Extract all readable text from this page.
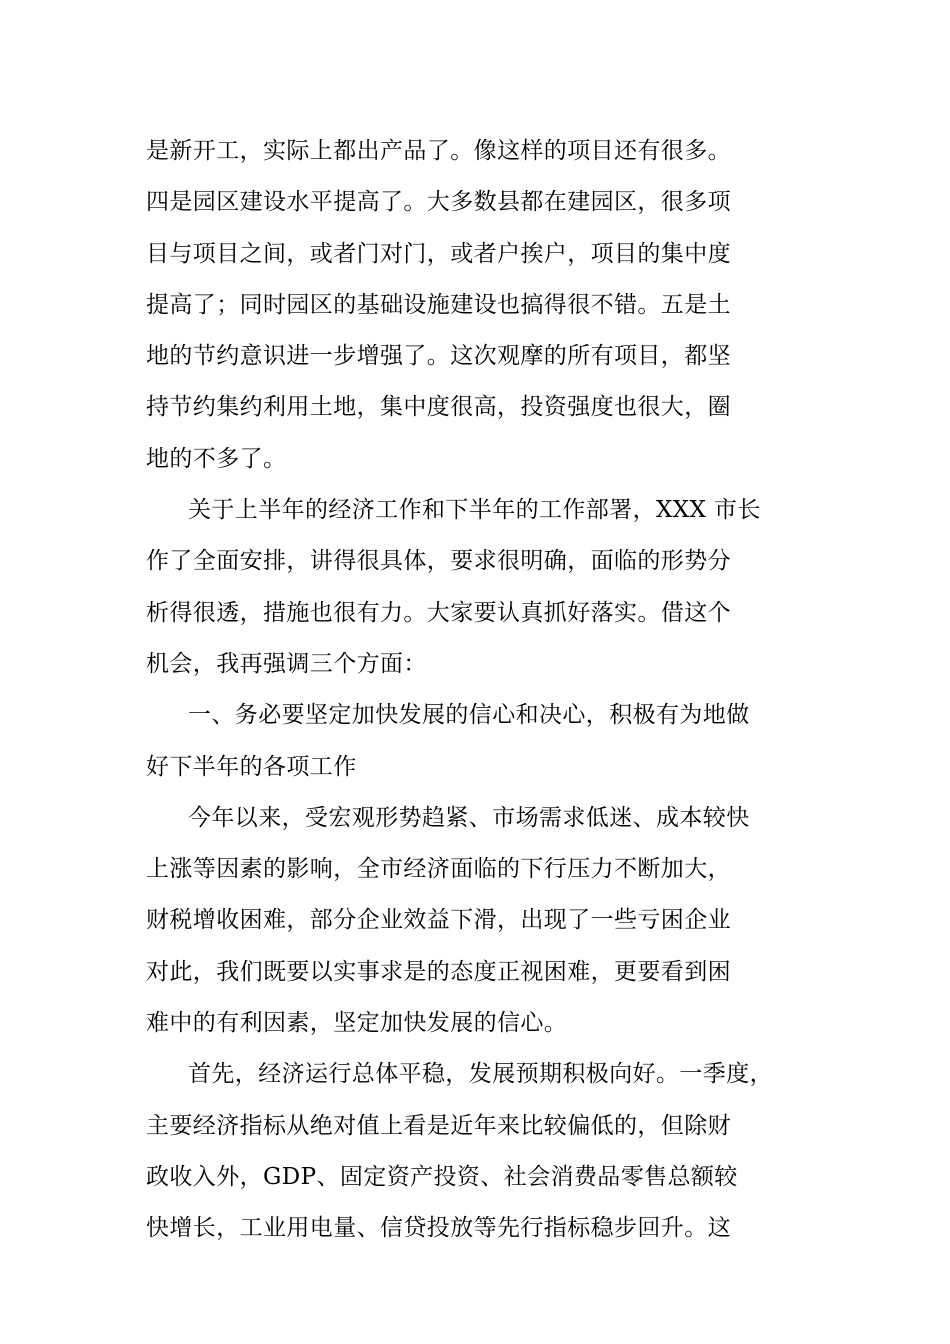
是新开工，实际上都出产品了。像这样的项目还有很多。
四是园区建设水平提高了。大多数县都在建园区，很多项
目与项目之间，或者门对门，或者户挨户，项目的集中度
提高了；同时园区的基础设施建设也搞得很不错。五是土
地的节约意识进一步增强了。这次观摩的所有项目，都坚
持节约集约利用土地，集中度很高，投资强度也很大，圈
地的不多了。
关于上半年的经济工作和下半年的工作部署，XXX 市长
作了全面安排，讲得很具体，要求很明确，面临的形势分
析得很透，措施也很有力。大家要认真抓好落实。借这个
机会，我再强调三个方面：
一、务必要坚定加快发展的信心和决心，积极有为地做
好下半年的各项工作
今年以来，受宏观形势趋紧、市场需求低迷、成本较快
上涨等因素的影响，全市经济面临的下行压力不断加大，
财税增收困难，部分企业效益下滑，出现了一些亏困企业
对此，我们既要以实事求是的态度正视困难，更要看到困
难中的有利因素，坚定加快发展的信心。
首先，经济运行总体平稳，发展预期积极向好。一季度，
主要经济指标从绝对值上看是近年来比较偏低的，但除财
政收入外，GDP、固定资产投资、社会消费品零售总额较
快增长，工业用电量、信贷投放等先行指标稳步回升。这
